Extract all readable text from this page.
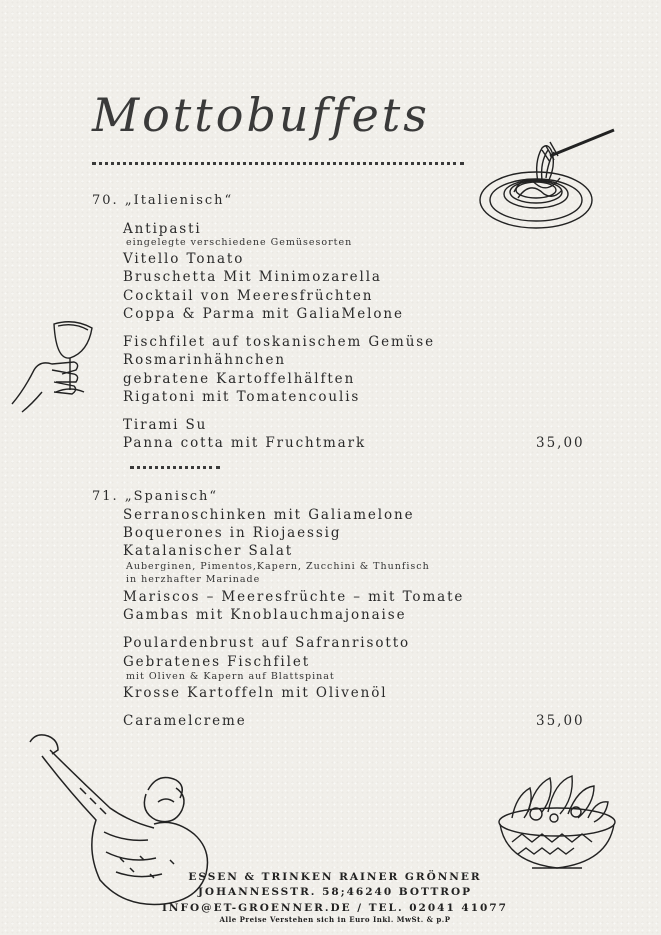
Mottobuffets
70. „Italienisch“
Antipasti
eingelegte verschiedene Gemüsesorten
Vitello Tonato
Bruschetta Mit Minimozarella
Cocktail von Meeresfrüchten
Coppa & Parma mit GaliaMelone
Fischfilet auf toskanischem Gemüse
Rosmarinhähnchen
gebratene Kartoffelhälften
Rigatoni mit Tomatencoulis
Tirami Su
Panna cotta mit Fruchtmark	35,00
71. „Spanisch“
Serranoschinken mit Galiamelone
Boquerones in Riojaessig
Katalanischer Salat
Auberginen, Pimentos,Kapern, Zucchini & Thunfisch
in herzhafter Marinade
Mariscos – Meeresfrüchte – mit Tomate
Gambas mit Knoblauchmajonaise
Poulardenbrust auf Safranrisotto
Gebratenes Fischfilet
mit Oliven & Kapern auf Blattspinat
Krosse Kartoffeln mit Olivenöl
Caramelcreme	35,00
ESSEN & TRINKEN RAINER GRÖNNER
JOHANNESSTR. 58;46240 BOTTROP
INFO@ET-GROENNER.DE / TEL. 02041 41077
Alle Preise Verstehen sich in Euro Inkl. MwSt. & p.P
